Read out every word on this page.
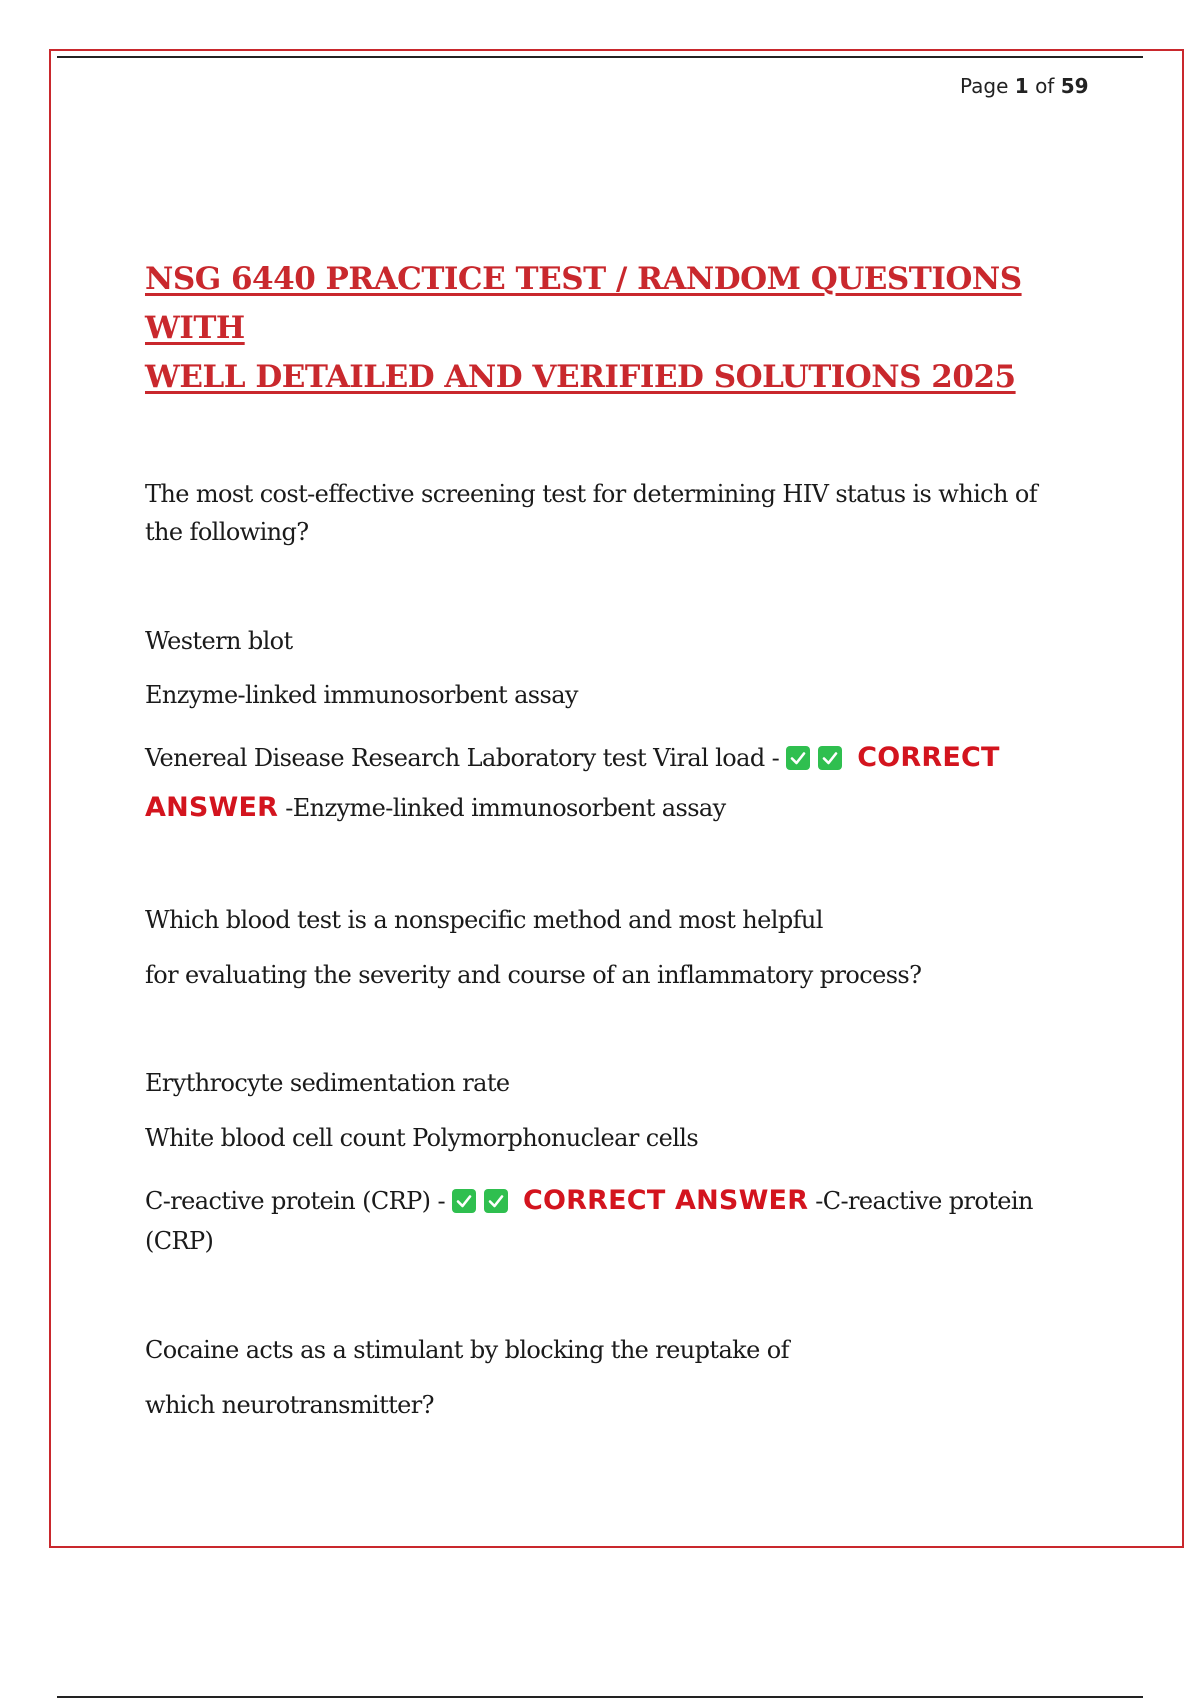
Page 1 of 59
NSG 6440 PRACTICE TEST / RANDOM QUESTIONS WITH
WELL DETAILED AND VERIFIED SOLUTIONS 2025
The most cost-effective screening test for determining HIV status is which of
the following?
Western blot
Enzyme-linked immunosorbent assay
Venereal Disease Research Laboratory test Viral load -	CORRECT
ANSWER -Enzyme-linked immunosorbent assay
Which blood test is a nonspecific method and most helpful
for evaluating the severity and course of an inflammatory process?
Erythrocyte sedimentation rate
White blood cell count Polymorphonuclear cells
C-reactive protein (CRP) -	CORRECT ANSWER -C-reactive protein
(CRP)
Cocaine acts as a stimulant by blocking the reuptake of
which neurotransmitter?
